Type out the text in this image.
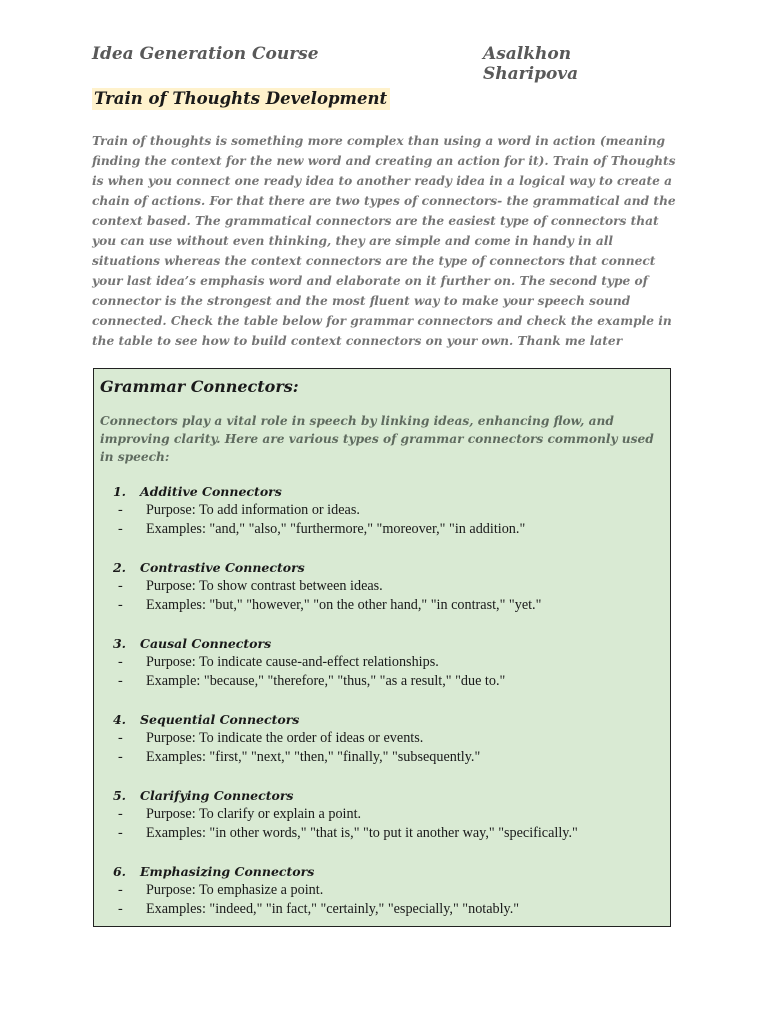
Idea Generation Course	Asalkhon Sharipova
Train of Thoughts Development

Train of thoughts is something more complex than using a word in action (meaning finding the context for the new word and creating an action for it). Train of Thoughts is when you connect one ready idea to another ready idea in a logical way to create a chain of actions. For that there are two types of connectors- the grammatical and the context based. The grammatical connectors are the easiest type of connectors that you can use without even thinking, they are simple and come in handy in all situations whereas the context connectors are the type of connectors that connect your last idea’s emphasis word and elaborate on it further on. The second type of connector is the strongest and the most fluent way to make your speech sound connected. Check the table below for grammar connectors and check the example in the table to see how to build context connectors on your own. Thank me later

Grammar Connectors:

Connectors play a vital role in speech by linking ideas, enhancing flow, and improving clarity. Here are various types of grammar connectors commonly used in speech:

1.	Additive Connectors
-	Purpose: To add information or ideas.
-	Examples: "and," "also," "furthermore," "moreover," "in addition."
2.	Contrastive Connectors
-	Purpose: To show contrast between ideas.
-	Examples: "but," "however," "on the other hand," "in contrast," "yet."
3.	Causal Connectors
-	Purpose: To indicate cause-and-effect relationships.
-	Example: "because," "therefore," "thus," "as a result," "due to."
4.	Sequential Connectors
-	Purpose: To indicate the order of ideas or events.
-	Examples: "first," "next," "then," "finally," "subsequently."
5.	Clarifying Connectors
-	Purpose: To clarify or explain a point.
-	Examples: "in other words," "that is," "to put it another way," "specifically."
6.	Emphasizing Connectors
-	Purpose: To emphasize a point.
-	Examples: "indeed," "in fact," "certainly," "especially," "notably."
